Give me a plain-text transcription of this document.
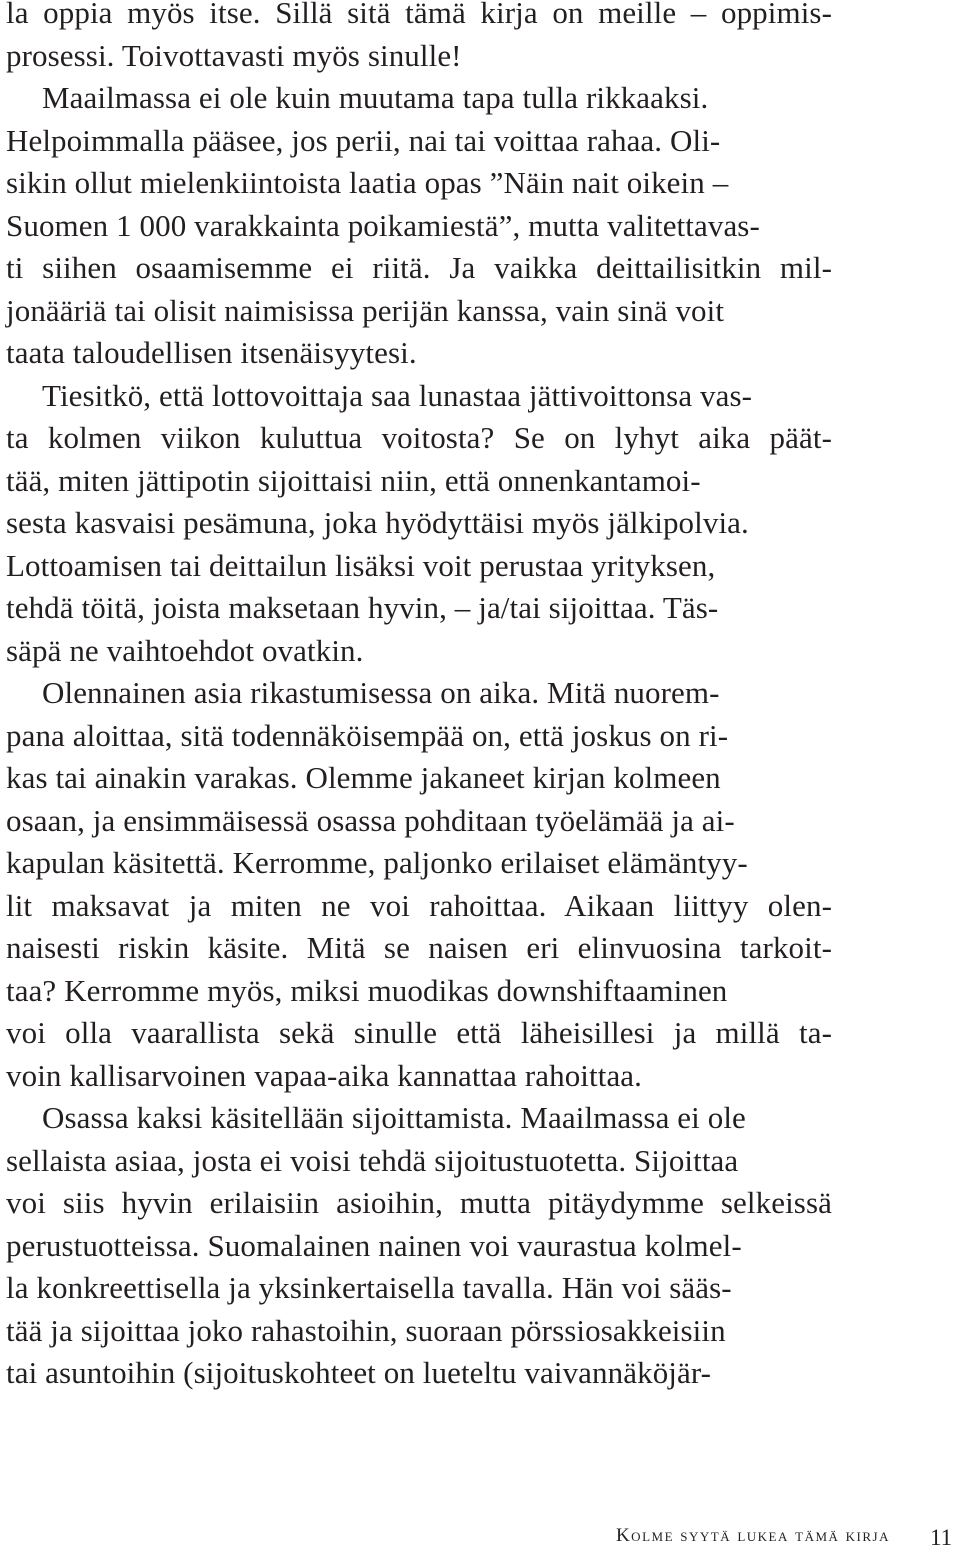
la oppia myös itse. Sillä sitä tämä kirja on meille – oppimis-
prosessi. Toivottavasti myös sinulle!
Maailmassa ei ole kuin muutama tapa tulla rikkaaksi.
Helpoimmalla pääsee, jos perii, nai tai voittaa rahaa. Oli-
sikin ollut mielenkiintoista laatia opas ”Näin nait oikein –
Suomen 1 000 varakkainta poikamiestä”, mutta valitettavas-
ti siihen osaamisemme ei riitä. Ja vaikka deittailisitkin mil-
jonääriä tai olisit naimisissa perijän kanssa, vain sinä voit
taata taloudellisen itsenäisyytesi.
Tiesitkö, että lottovoittaja saa lunastaa jättivoittonsa vas-
ta kolmen viikon kuluttua voitosta? Se on lyhyt aika päät-
tää, miten jättipotin sijoittaisi niin, että onnenkantamoi-
sesta kasvaisi pesämuna, joka hyödyttäisi myös jälkipolvia.
Lottoamisen tai deittailun lisäksi voit perustaa yrityksen,
tehdä töitä, joista maksetaan hyvin, – ja/tai sijoittaa. Täs-
säpä ne vaihtoehdot ovatkin.
Olennainen asia rikastumisessa on aika. Mitä nuorem-
pana aloittaa, sitä todennäköisempää on, että joskus on ri-
kas tai ainakin varakas. Olemme jakaneet kirjan kolmeen
osaan, ja ensimmäisessä osassa pohditaan työelämää ja ai-
kapulan käsitettä. Kerromme, paljonko erilaiset elämäntyy-
lit maksavat ja miten ne voi rahoittaa. Aikaan liittyy olen-
naisesti riskin käsite. Mitä se naisen eri elinvuosina tarkoit-
taa? Kerromme myös, miksi muodikas downshiftaaminen
voi olla vaarallista sekä sinulle että läheisillesi ja millä ta-
voin kallisarvoinen vapaa-aika kannattaa rahoittaa.
Osassa kaksi käsitellään sijoittamista. Maailmassa ei ole
sellaista asiaa, josta ei voisi tehdä sijoitustuotetta. Sijoittaa
voi siis hyvin erilaisiin asioihin, mutta pitäydymme selkeissä
perustuotteissa. Suomalainen nainen voi vaurastua kolmel-
la konkreettisella ja yksinkertaisella tavalla. Hän voi sääs-
tää ja sijoittaa joko rahastoihin, suoraan pörssiosakkeisiin
tai asuntoihin (sijoituskohteet on lueteltu vaivannäköjär-
Kolme syytä lukea tämä kirja 11
